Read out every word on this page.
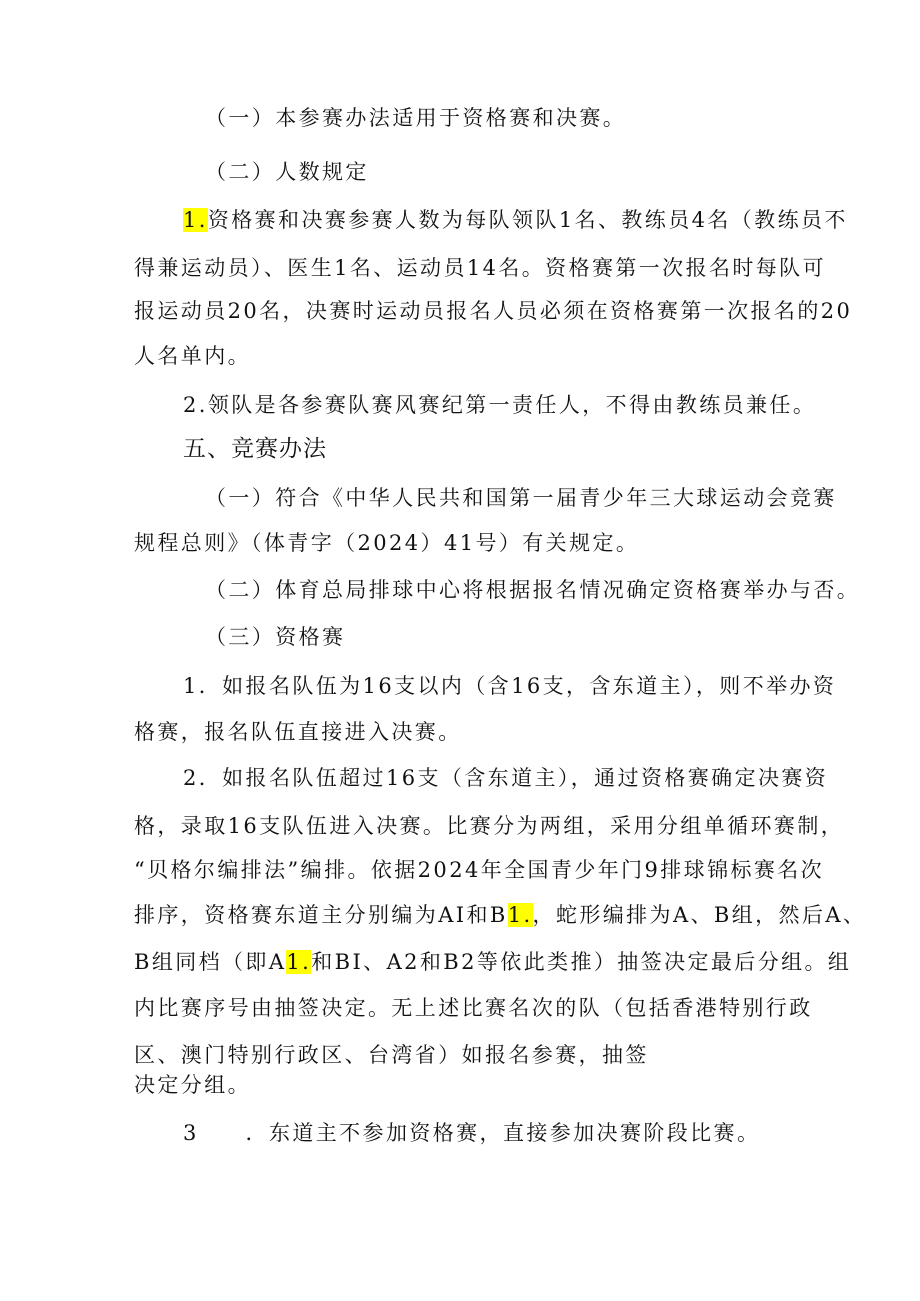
（一）本参赛办法适用于资格赛和决赛。
（二）人数规定
1.资格赛和决赛参赛人数为每队领队1名、教练员4名（教练员不
得兼运动员）、医生1名、运动员14名。资格赛第一次报名时每队可
报运动员20名，决赛时运动员报名人员必须在资格赛第一次报名的20
人名单内。
2.领队是各参赛队赛风赛纪第一责任人，不得由教练员兼任。
五、竞赛办法
（一）符合《中华人民共和国第一届青少年三大球运动会竞赛
规程总则》（体青字（2024）41号）有关规定。
（二）体育总局排球中心将根据报名情况确定资格赛举办与否。
（三）资格赛
1．如报名队伍为16支以内（含16支，含东道主），则不举办资
格赛，报名队伍直接进入决赛。
2．如报名队伍超过16支（含东道主），通过资格赛确定决赛资
格，录取16支队伍进入决赛。比赛分为两组，采用分组单循环赛制，
“贝格尔编排法”编排。依据2024年全国青少年门9排球锦标赛名次
排序，资格赛东道主分别编为AI和B1.，蛇形编排为A、B组，然后A、
B组同档（即A1.和BI、A2和B2等依此类推）抽签决定最后分组。组
内比赛序号由抽签决定。无上述比赛名次的队（包括香港特别行政
区、澳门特别行政区、台湾省）如报名参赛，抽签
决定分组。
3　　．东道主不参加资格赛，直接参加决赛阶段比赛。
